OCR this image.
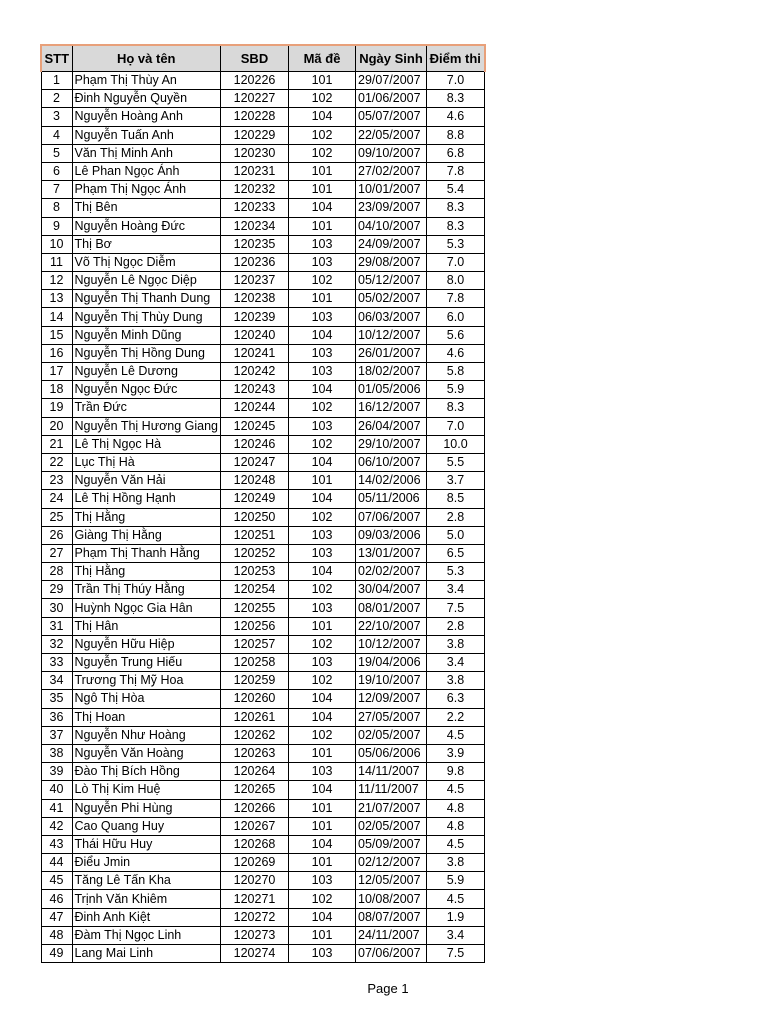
STT	Họ và tên	SBD	Mã đề	Ngày Sinh	Điểm thi
1	Phạm Thị Thùy An	120226	101	29/07/2007	7.0
2	Đinh Nguyễn Quyền	120227	102	01/06/2007	8.3
3	Nguyễn Hoàng Anh	120228	104	05/07/2007	4.6
4	Nguyễn Tuấn Anh	120229	102	22/05/2007	8.8
5	Văn Thị Minh Anh	120230	102	09/10/2007	6.8
6	Lê Phan Ngọc Ánh	120231	101	27/02/2007	7.8
7	Phạm Thị Ngọc Ánh	120232	101	10/01/2007	5.4
8	Thị Bên	120233	104	23/09/2007	8.3
9	Nguyễn Hoàng Đức	120234	101	04/10/2007	8.3
10	Thị Bơ	120235	103	24/09/2007	5.3
11	Võ Thị Ngọc Diễm	120236	103	29/08/2007	7.0
12	Nguyễn Lê Ngọc Diệp	120237	102	05/12/2007	8.0
13	Nguyễn Thị Thanh Dung	120238	101	05/02/2007	7.8
14	Nguyễn Thị Thùy Dung	120239	103	06/03/2007	6.0
15	Nguyễn Minh Dũng	120240	104	10/12/2007	5.6
16	Nguyễn Thị Hồng Dung	120241	103	26/01/2007	4.6
17	Nguyễn Lê Dương	120242	103	18/02/2007	5.8
18	Nguyễn Ngọc Đức	120243	104	01/05/2006	5.9
19	Trần Đức	120244	102	16/12/2007	8.3
20	Nguyễn Thị Hương Giang	120245	103	26/04/2007	7.0
21	Lê Thị Ngọc Hà	120246	102	29/10/2007	10.0
22	Lục Thị Hà	120247	104	06/10/2007	5.5
23	Nguyễn Văn Hải	120248	101	14/02/2006	3.7
24	Lê Thị Hồng Hạnh	120249	104	05/11/2006	8.5
25	Thị Hằng	120250	102	07/06/2007	2.8
26	Giàng Thị Hằng	120251	103	09/03/2006	5.0
27	Phạm Thị Thanh Hằng	120252	103	13/01/2007	6.5
28	Thị Hằng	120253	104	02/02/2007	5.3
29	Trần Thị Thúy Hằng	120254	102	30/04/2007	3.4
30	Huỳnh Ngọc Gia Hân	120255	103	08/01/2007	7.5
31	Thị Hân	120256	101	22/10/2007	2.8
32	Nguyễn Hữu Hiệp	120257	102	10/12/2007	3.8
33	Nguyễn Trung Hiếu	120258	103	19/04/2006	3.4
34	Trương Thị Mỹ Hoa	120259	102	19/10/2007	3.8
35	Ngô Thị Hòa	120260	104	12/09/2007	6.3
36	Thị Hoan	120261	104	27/05/2007	2.2
37	Nguyễn Như Hoàng	120262	102	02/05/2007	4.5
38	Nguyễn Văn Hoàng	120263	101	05/06/2006	3.9
39	Đào Thị Bích Hồng	120264	103	14/11/2007	9.8
40	Lò Thị Kim Huệ	120265	104	11/11/2007	4.5
41	Nguyễn Phi Hùng	120266	101	21/07/2007	4.8
42	Cao Quang Huy	120267	101	02/05/2007	4.8
43	Thái Hữu Huy	120268	104	05/09/2007	4.5
44	Điểu Jmin	120269	101	02/12/2007	3.8
45	Tăng Lê Tấn Kha	120270	103	12/05/2007	5.9
46	Trịnh Văn Khiêm	120271	102	10/08/2007	4.5
47	Đinh Anh Kiệt	120272	104	08/07/2007	1.9
48	Đàm Thị Ngọc Linh	120273	101	24/11/2007	3.4
49	Lang Mai Linh	120274	103	07/06/2007	7.5
Page 1
